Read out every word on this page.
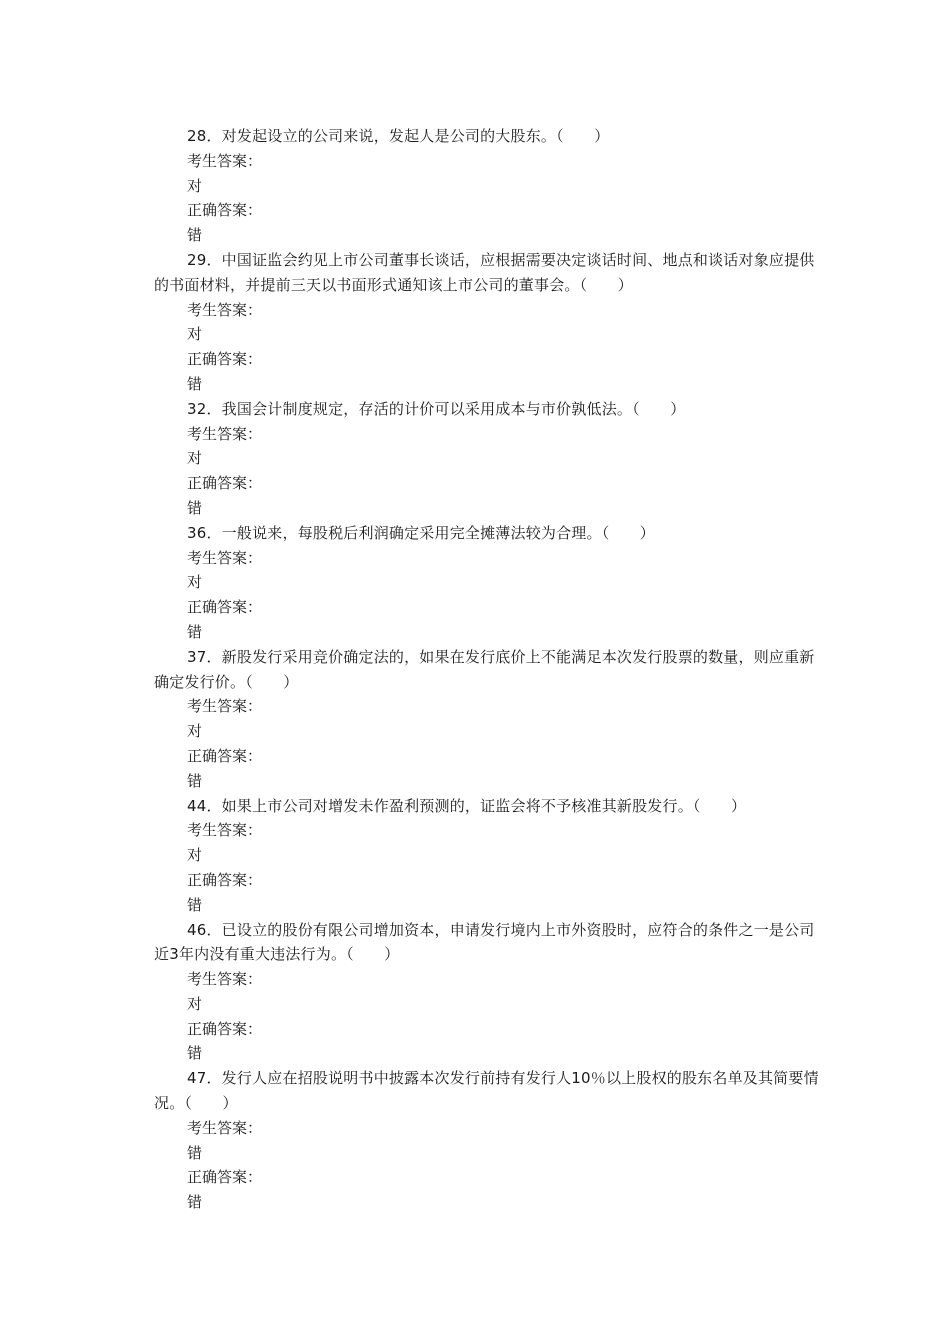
28．对发起设立的公司来说，发起人是公司的大股东。（　　）

考生答案：

对

正确答案：

错

29．中国证监会约见上市公司董事长谈话，应根据需要决定谈话时间、地点和谈话对象应提供的书面材料，并提前三天以书面形式通知该上市公司的董事会。（　　）

考生答案：

对

正确答案：

错

32．我国会计制度规定，存活的计价可以采用成本与市价孰低法。（　　）

考生答案：

对

正确答案：

错

36．一般说来，每股税后利润确定采用完全摊薄法较为合理。（　　）

考生答案：

对

正确答案：

错

37．新股发行采用竞价确定法的，如果在发行底价上不能满足本次发行股票的数量，则应重新确定发行价。（　　）

考生答案：

对

正确答案：

错

44．如果上市公司对增发未作盈利预测的，证监会将不予核准其新股发行。（　　）

考生答案：

对

正确答案：

错

46．已设立的股份有限公司增加资本，申请发行境内上市外资股时，应符合的条件之一是公司近3年内没有重大违法行为。（　　）

考生答案：

对

正确答案：

错

47．发行人应在招股说明书中披露本次发行前持有发行人10％以上股权的股东名单及其简要情况。（　　）

考生答案：

错

正确答案：

错
